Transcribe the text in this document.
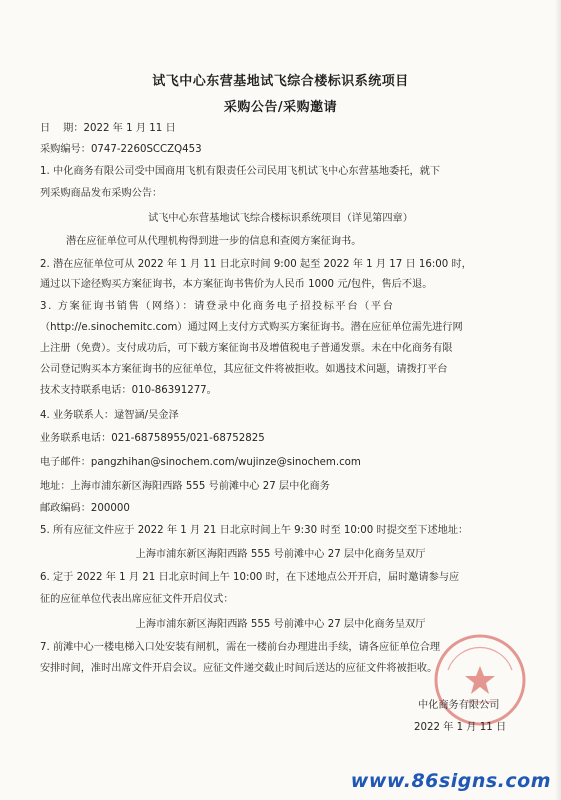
试飞中心东营基地试飞综合楼标识系统项目
采购公告/采购邀请
日    期：2022 年 1 月 11 日
采购编号：0747-2260SCCZQ453
1. 中化商务有限公司受中国商用飞机有限责任公司民用飞机试飞中心东营基地委托，就下
列采购商品发布采购公告：
试飞中心东营基地试飞综合楼标识系统项目（详见第四章）
潜在应征单位可从代理机构得到进一步的信息和查阅方案征询书。
2. 潜在应征单位可从 2022 年 1 月 11 日北京时间 9:00 起至 2022 年 1 月 17 日 16:00 时，
通过以下途径购买方案征询书，本方案征询书售价为人民币 1000 元/包件，售后不退。
3. 方案征询书销售（网络）：请登录中化商务电子招投标平台（平台
（http://e.sinochemitc.com）通过网上支付方式购买方案征询书。潜在应征单位需先进行网
上注册（免费）。支付成功后，可下载方案征询书及增值税电子普通发票。未在中化商务有限
公司登记购买本方案征询书的应征单位，其应征文件将被拒收。如遇技术问题，请拨打平台
技术支持联系电话：010-86391277。
4. 业务联系人：逯智涵/吴金泽
业务联系电话：021-68758955/021-68752825
电子邮件：pangzhihan@sinochem.com/wujinze@sinochem.com
地址：上海市浦东新区海阳西路 555 号前滩中心 27 层中化商务
邮政编码：200000
5. 所有应征文件应于 2022 年 1 月 21 日北京时间上午 9:30 时至 10:00 时提交至下述地址：
上海市浦东新区海阳西路 555 号前滩中心 27 层中化商务呈双厅
6. 定于 2022 年 1 月 21 日北京时间上午 10:00 时，在下述地点公开开启，届时邀请参与应
征的应征单位代表出席应征文件开启仪式：
上海市浦东新区海阳西路 555 号前滩中心 27 层中化商务呈双厅
7. 前滩中心一楼电梯入口处安装有闸机，需在一楼前台办理进出手续，请各应征单位合理
安排时间，准时出席文件开启会议。应征文件递交截止时间后送达的应征文件将被拒收。
中化商务有限公司
2022 年 1 月 11 日
www.86signs.com
